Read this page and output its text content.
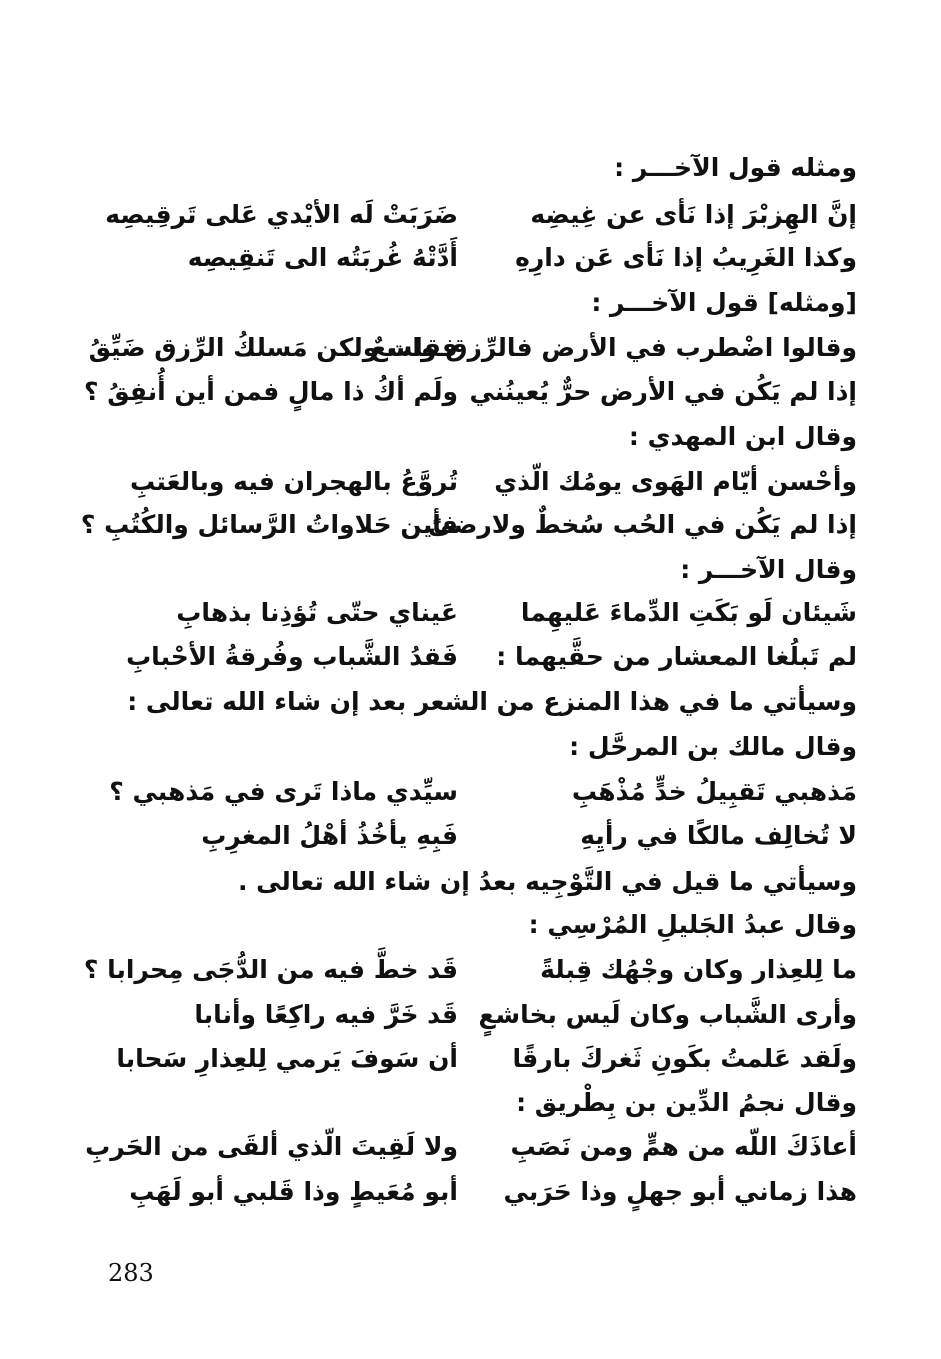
ومثله قول الآخـــر :
إنَّ الهِزبْرَ إذا نَأى عن غِيضِه
ضَرَبَتْ لَه الأيْدي عَلى تَرقِيصِه
وكذا الغَرِيبُ إذا نَأى عَن دارِهِ
أَدَّتْهُ غُربَتُه الى تَنقِيصِه
[ومثله] قول الآخـــر :
وقالوا اضْطرب في الأرض فالرِّزق واسعٌ
فقلت ولكن مَسلكُ الرِّزق ضَيِّقُ
إذا لم يَكُن في الأرض حرٌّ يُعينُني
ولَم أكُ ذا مالٍ فمن أين أُنفِقُ ؟
وقال ابن المهدي :
وأحْسن أيّام الهَوى يومُك الّذي
تُروَّعُ بالهجران فيه وبالعَتبِ
إذا لم يَكُن في الحُب سُخطٌ ولارضىً
فأين حَلاواتُ الرَّسائل والكُتُبِ ؟
وقال الآخـــر :
شَيئان لَو بَكَتِ الدِّماءَ عَليهِما
عَيناي حتّى تُؤذِنا بذهابِ
لم تَبلُغا المعشار من حقَّيهما :
فَقدُ الشَّباب وفُرقةُ الأحْبابِ
وسيأتي ما في هذا المنزع من الشعر بعد إن شاء الله تعالى :
وقال مالك بن المرحَّل :
مَذهبي تَقبِيلُ خدٍّ مُذْهَبِ
سيِّدي ماذا تَرى في مَذهبي ؟
لا تُخالِف مالكًا في رأيِهِ
فَبِهِ يأخُذُ أهْلُ المغرِبِ
وسيأتي ما قيل في التَّوْجِيه بعدُ إن شاء الله تعالى .
وقال عبدُ الجَليلِ المُرْسِي :
ما لِلعِذار وكان وجْهُك قِبلةً
قَد خطَّ فيه من الدُّجَى مِحرابا ؟
وأرى الشَّباب وكان لَيس بخاشعٍ
قَد خَرَّ فيه راكِعًا وأنابا
ولَقد عَلمتُ بكَونِ ثَغركَ بارقًا
أن سَوفَ يَرمي لِلعِذارِ سَحابا
وقال نجمُ الدِّين بن بِطْريق :
أعاذَكَ اللّه من همٍّ ومن نَصَبِ
ولا لَقِيتَ الّذي ألقَى من الحَربِ
هذا زماني أبو جهلٍ وذا حَرَبي
أبو مُعَيطٍ وذا قَلبي أبو لَهَبِ
283
